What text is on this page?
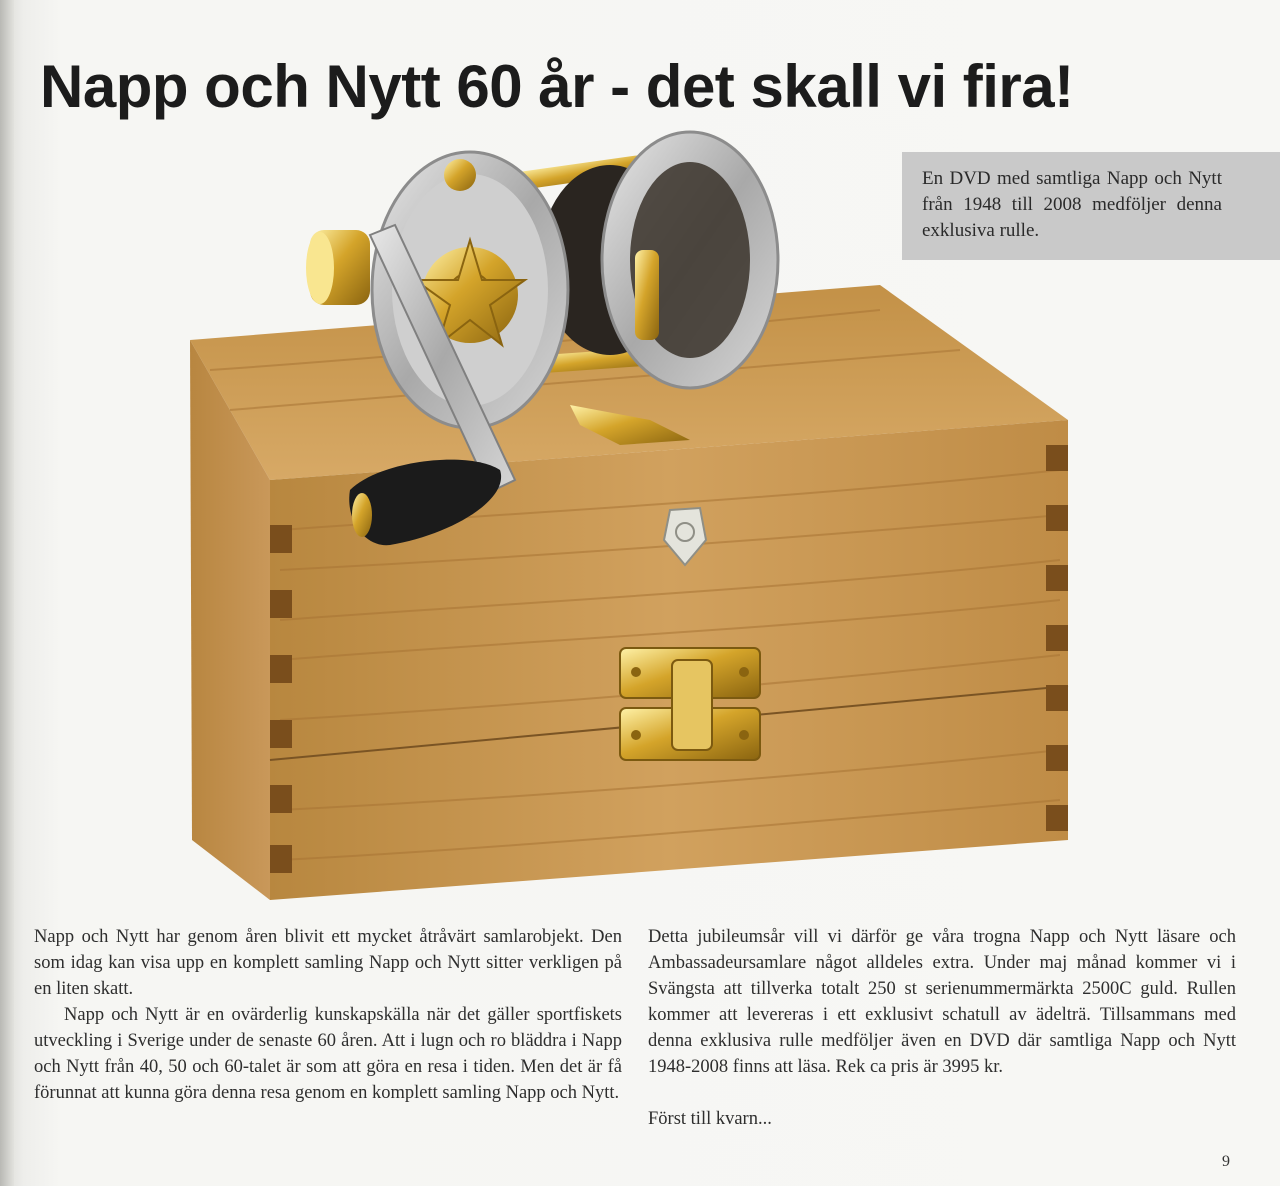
Napp och Nytt 60 år - det skall vi fira!

En DVD med samtliga Napp och Nytt från 1948 till 2008 medföljer denna exklusiva rulle.

Napp och Nytt har genom åren blivit ett mycket åtråvärt samlarobjekt. Den som idag kan visa upp en komplett samling Napp och Nytt sitter verkligen på en liten skatt.

Napp och Nytt är en ovärderlig kunskapskälla när det gäller sportfiskets utveckling i Sverige under de senaste 60 åren. Att i lugn och ro bläddra i Napp och Nytt från 40, 50 och 60-talet är som att göra en resa i tiden. Men det är få förunnat att kunna göra denna resa genom en komplett samling Napp och Nytt.

Detta jubileumsår vill vi därför ge våra trogna Napp och Nytt läsare och Ambassadeursamlare något alldeles extra. Under maj månad kommer vi i Svängsta att tillverka totalt 250 st serienummermärkta 2500C guld. Rullen kommer att levereras i ett exklusivt schatull av ädelträ. Tillsammans med denna exklusiva rulle medföljer även en DVD där samtliga Napp och Nytt 1948-2008 finns att läsa. Rek ca pris är 3995 kr.

Först till kvarn...

9
